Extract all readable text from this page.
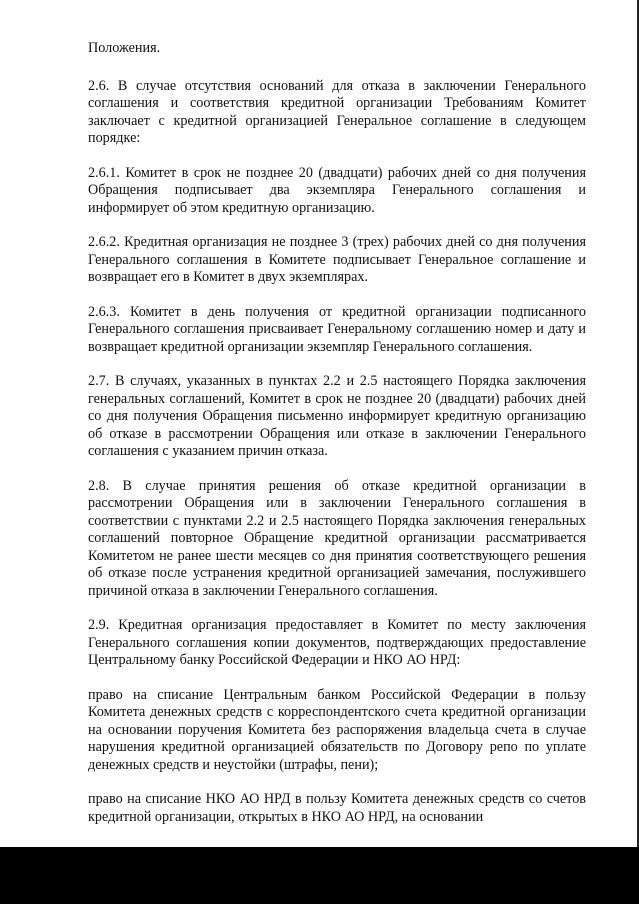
Положения.

2.6. В случае отсутствия оснований для отказа в заключении Генерального соглашения и соответствия кредитной организации Требованиям Комитет заключает с кредитной организацией Генеральное соглашение в следующем порядке:

2.6.1. Комитет в срок не позднее 20 (двадцати) рабочих дней со дня получения Обращения подписывает два экземпляра Генерального соглашения и информирует об этом кредитную организацию.

2.6.2. Кредитная организация не позднее 3 (трех) рабочих дней со дня получения Генерального соглашения в Комитете подписывает Генеральное соглашение и возвращает его в Комитет в двух экземплярах.

2.6.3. Комитет в день получения от кредитной организации подписанного Генерального соглашения присваивает Генеральному соглашению номер и дату и возвращает кредитной организации экземпляр Генерального соглашения.

2.7. В случаях, указанных в пунктах 2.2 и 2.5 настоящего Порядка заключения генеральных соглашений, Комитет в срок не позднее 20 (двадцати) рабочих дней со дня получения Обращения письменно информирует кредитную организацию об отказе в рассмотрении Обращения или отказе в заключении Генерального соглашения с указанием причин отказа.

2.8. В случае принятия решения об отказе кредитной организации в рассмотрении Обращения или в заключении Генерального соглашения в соответствии с пунктами 2.2 и 2.5 настоящего Порядка заключения генеральных соглашений повторное Обращение кредитной организации рассматривается Комитетом не ранее шести месяцев со дня принятия соответствующего решения об отказе после устранения кредитной организацией замечания, послужившего причиной отказа в заключении Генерального соглашения.

2.9. Кредитная организация предоставляет в Комитет по месту заключения Генерального соглашения копии документов, подтверждающих предоставление Центральному банку Российской Федерации и НКО АО НРД:

право на списание Центральным банком Российской Федерации в пользу Комитета денежных средств с корреспондентского счета кредитной организации на основании поручения Комитета без распоряжения владельца счета в случае нарушения кредитной организацией обязательств по Договору репо по уплате денежных средств и неустойки (штрафы, пени);

право на списание НКО АО НРД в пользу Комитета денежных средств со счетов кредитной организации, открытых в НКО АО НРД, на основании
